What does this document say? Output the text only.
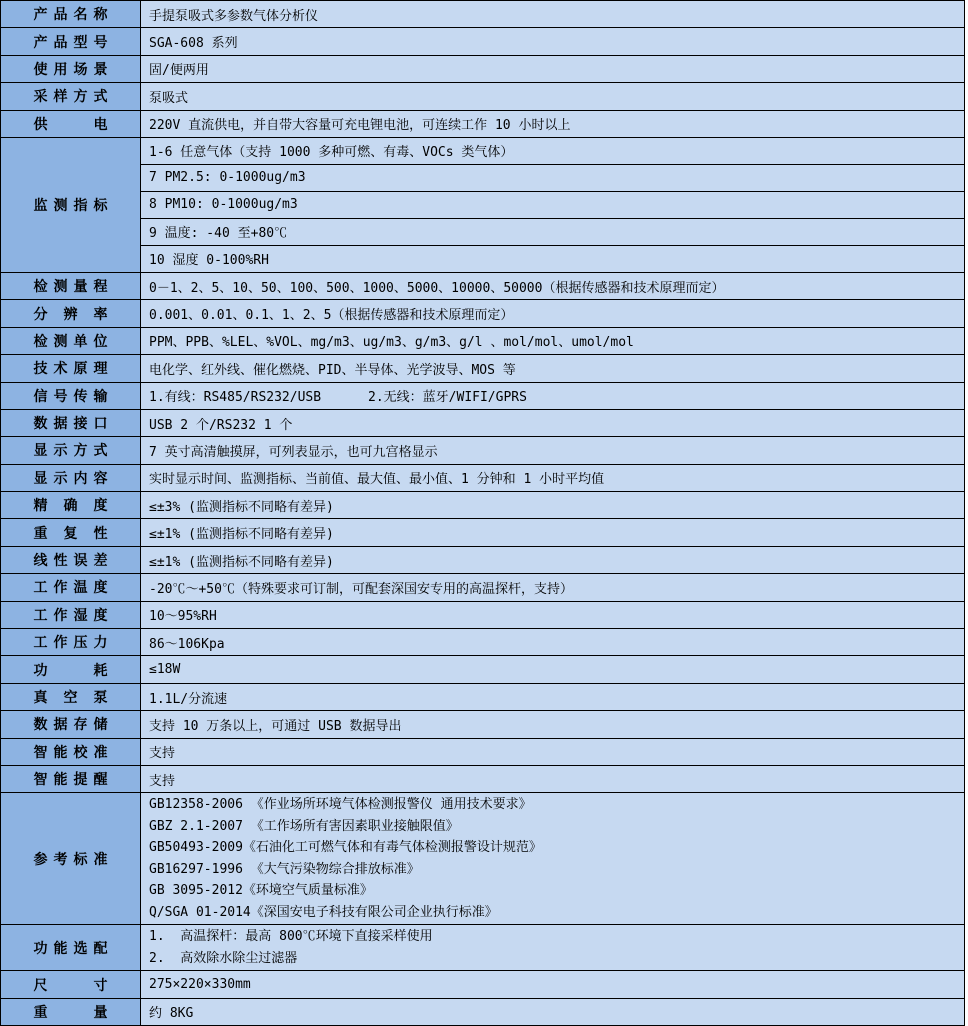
产品名称	手提泵吸式多参数气体分析仪
产品型号	SGA-608 系列
使用场景	固/便两用
采样方式	泵吸式
供电	220V 直流供电，并自带大容量可充电锂电池，可连续工作 10 小时以上
监测指标	1-6 任意气体（支持 1000 多种可燃、有毒、VOCs 类气体）
	7 PM2.5: 0-1000ug/m3
	8 PM10: 0-1000ug/m3
	9 温度: -40 至+80℃
	10 湿度 0-100%RH
检测量程	0－1、2、5、10、50、100、500、1000、5000、10000、50000（根据传感器和技术原理而定）
分辨率	0.001、0.01、0.1、1、2、5（根据传感器和技术原理而定）
检测单位	PPM、PPB、%LEL、%VOL、mg/m3、ug/m3、g/m3、g/l 、mol/mol、umol/mol
技术原理	电化学、红外线、催化燃烧、PID、半导体、光学波导、MOS 等
信号传输	1.有线：RS485/RS232/USB      2.无线：蓝牙/WIFI/GPRS
数据接口	USB 2 个/RS232 1 个
显示方式	7 英寸高清触摸屏，可列表显示，也可九宫格显示
显示内容	实时显示时间、监测指标、当前值、最大值、最小值、1 分钟和 1 小时平均值
精确度	≤±3% (监测指标不同略有差异)
重复性	≤±1% (监测指标不同略有差异)
线性误差	≤±1% (监测指标不同略有差异)
工作温度	-20℃～+50℃（特殊要求可订制，可配套深国安专用的高温探杆，支持）
工作湿度	10～95%RH
工作压力	86～106Kpa
功耗	≤18W
真空泵	1.1L/分流速
数据存储	支持 10 万条以上，可通过 USB 数据导出
智能校准	支持
智能提醒	支持
参考标准	
GB12358-2006 《作业场所环境气体检测报警仪 通用技术要求》
GBZ 2.1-2007 《工作场所有害因素职业接触限值》
GB50493-2009《石油化工可燃气体和有毒气体检测报警设计规范》
GB16297-1996 《大气污染物综合排放标准》
GB 3095-2012《环境空气质量标准》
Q/SGA 01-2014《深国安电子科技有限公司企业执行标准》

功能选配	1.  高温探杆：最高 800℃环境下直接采样使用
2.  高效除水除尘过滤器

尺寸	275×220×330mm
重量	约 8KG
